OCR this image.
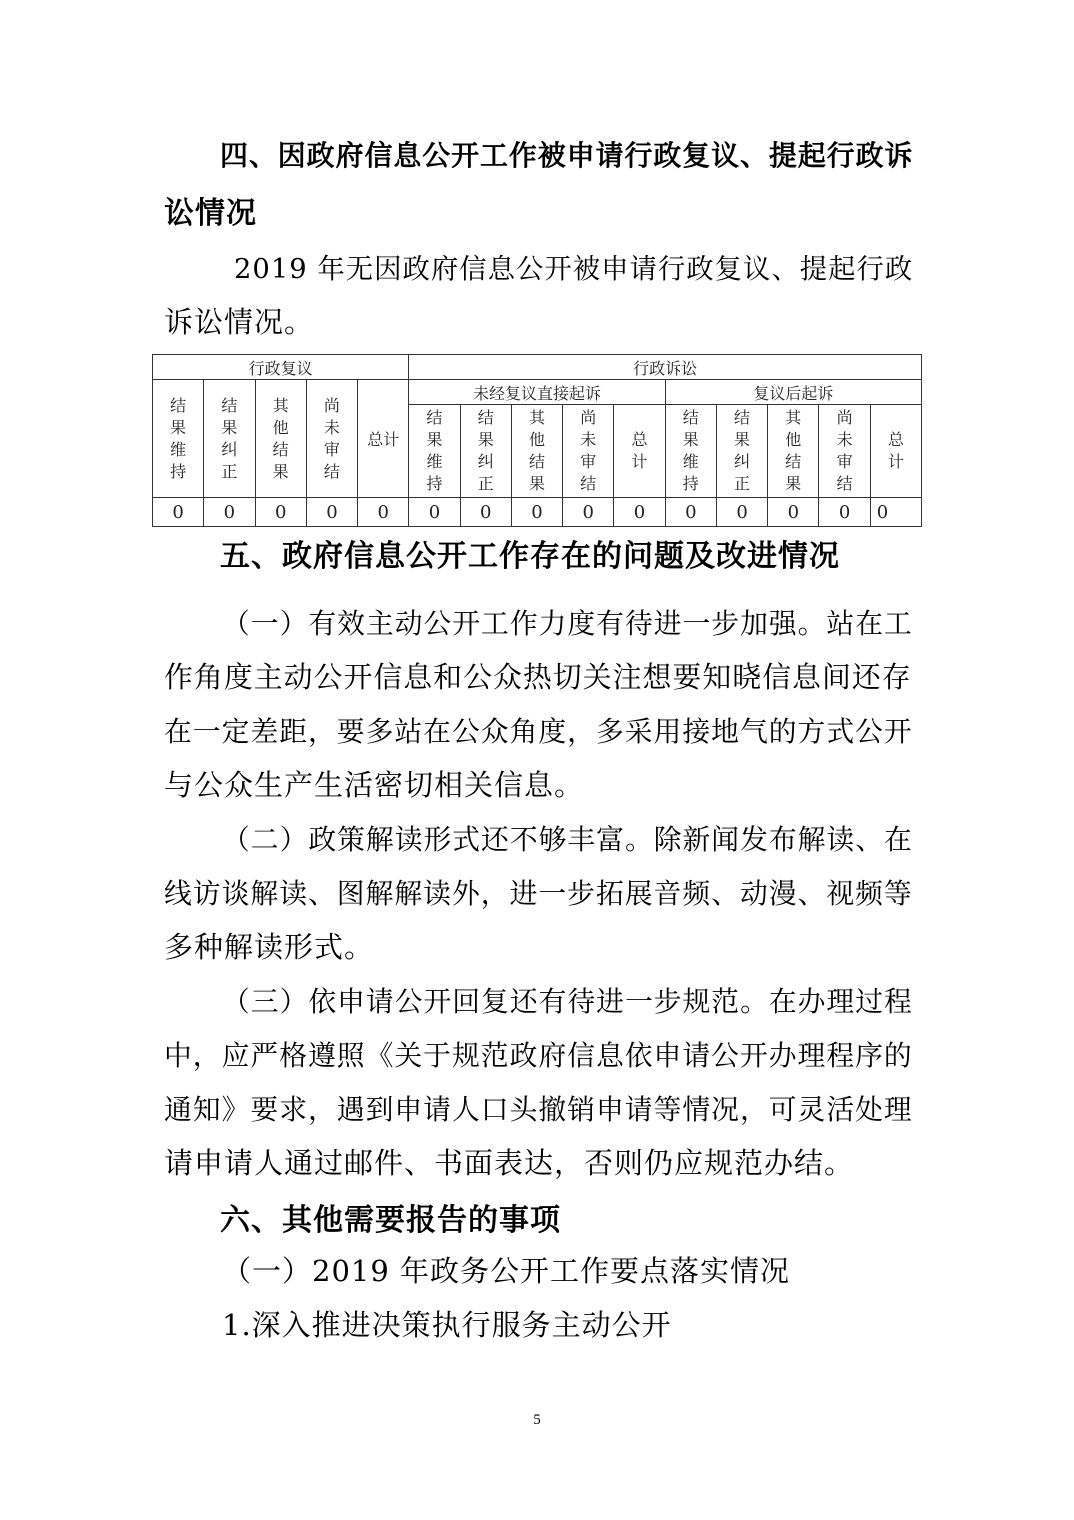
四、因政府信息公开工作被申请行政复议、提起行政诉
讼情况
2019 年无因政府信息公开被申请行政复议、提起行政
诉讼情况。
行政复议					行政诉讼									
结果维持	结果纠正	其他结果	尚未审结	总计	未经复议直接起诉					复议后起诉				
					结果维持	结果纠正	其他结果	尚未审结	总计	结果维持	结果纠正	其他结果	尚未审结	总计
0	0	0	0	0	0	0	0	0	0	0	0	0	0	0
五、政府信息公开工作存在的问题及改进情况
（一）有效主动公开工作力度有待进一步加强。站在工
作角度主动公开信息和公众热切关注想要知晓信息间还存
在一定差距，要多站在公众角度，多采用接地气的方式公开
与公众生产生活密切相关信息。
（二）政策解读形式还不够丰富。除新闻发布解读、在
线访谈解读、图解解读外，进一步拓展音频、动漫、视频等
多种解读形式。
（三）依申请公开回复还有待进一步规范。在办理过程
中，应严格遵照《关于规范政府信息依申请公开办理程序的
通知》要求，遇到申请人口头撤销申请等情况，可灵活处理
请申请人通过邮件、书面表达，否则仍应规范办结。
六、其他需要报告的事项
（一）2019 年政务公开工作要点落实情况
1.深入推进决策执行服务主动公开
5
